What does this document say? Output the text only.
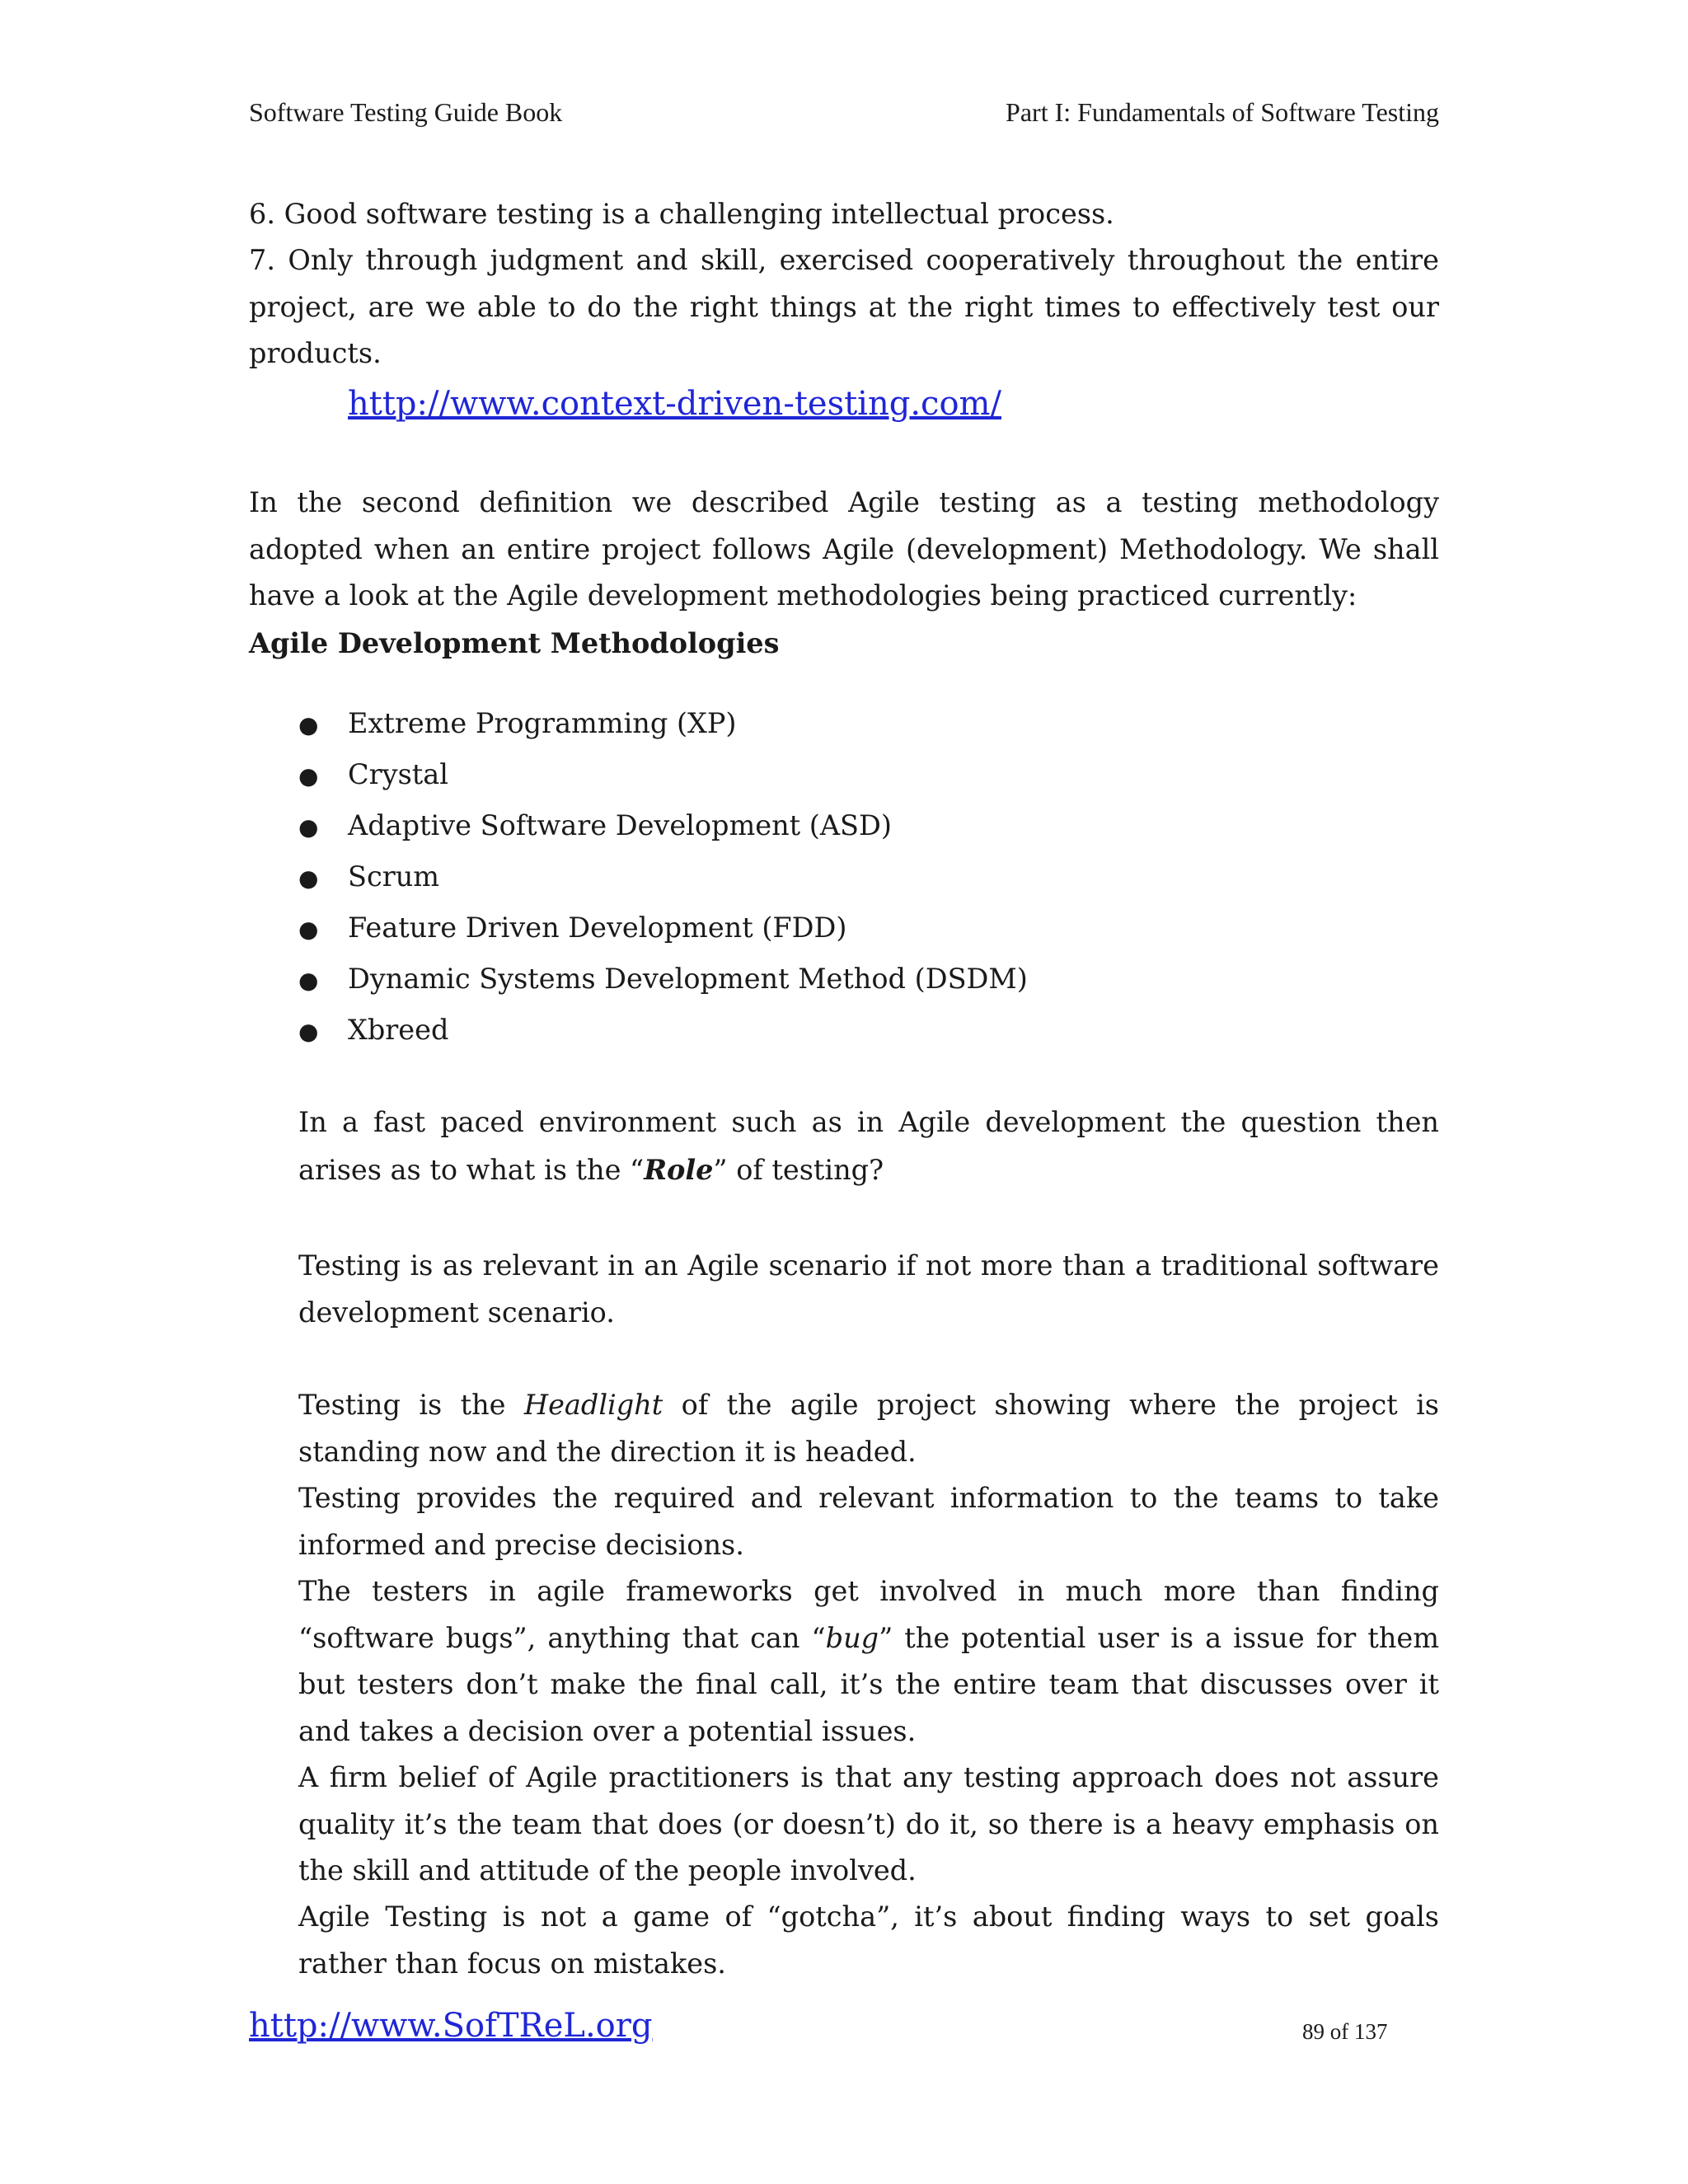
Software Testing Guide Book	Part I: Fundamentals of Software Testing

6. Good software testing is a challenging intellectual process.

7. Only through judgment and skill, exercised cooperatively throughout the entire project, are we able to do the right things at the right times to effectively test our products.

http://www.context-driven-testing.com/

In the second definition we described Agile testing as a testing methodology adopted when an entire project follows Agile (development) Methodology. We shall have a look at the Agile development methodologies being practiced currently:

Agile Development Methodologies
●	Extreme Programming (XP)
●	Crystal
●	Adaptive Software Development (ASD)
●	Scrum
●	Feature Driven Development (FDD)
●	Dynamic Systems Development Method (DSDM)
●	Xbreed

In a fast paced environment such as in Agile development the question then arises as to what is the “Role” of testing?

Testing is as relevant in an Agile scenario if not more than a traditional software development scenario.

Testing is the Headlight of the agile project showing where the project is standing now and the direction it is headed.

Testing provides the required and relevant information to the teams to take informed and precise decisions.

The testers in agile frameworks get involved in much more than finding “software bugs”, anything that can “bug” the potential user is a issue for them but testers don’t make the final call, it’s the entire team that discusses over it and takes a decision over a potential issues.

A firm belief of Agile practitioners is that any testing approach does not assure quality it’s the team that does (or doesn’t) do it, so there is a heavy emphasis on the skill and attitude of the people involved.

Agile Testing is not a game of “gotcha”, it’s about finding ways to set goals rather than focus on mistakes.

http://www.SofTReL.org	89 of 137
